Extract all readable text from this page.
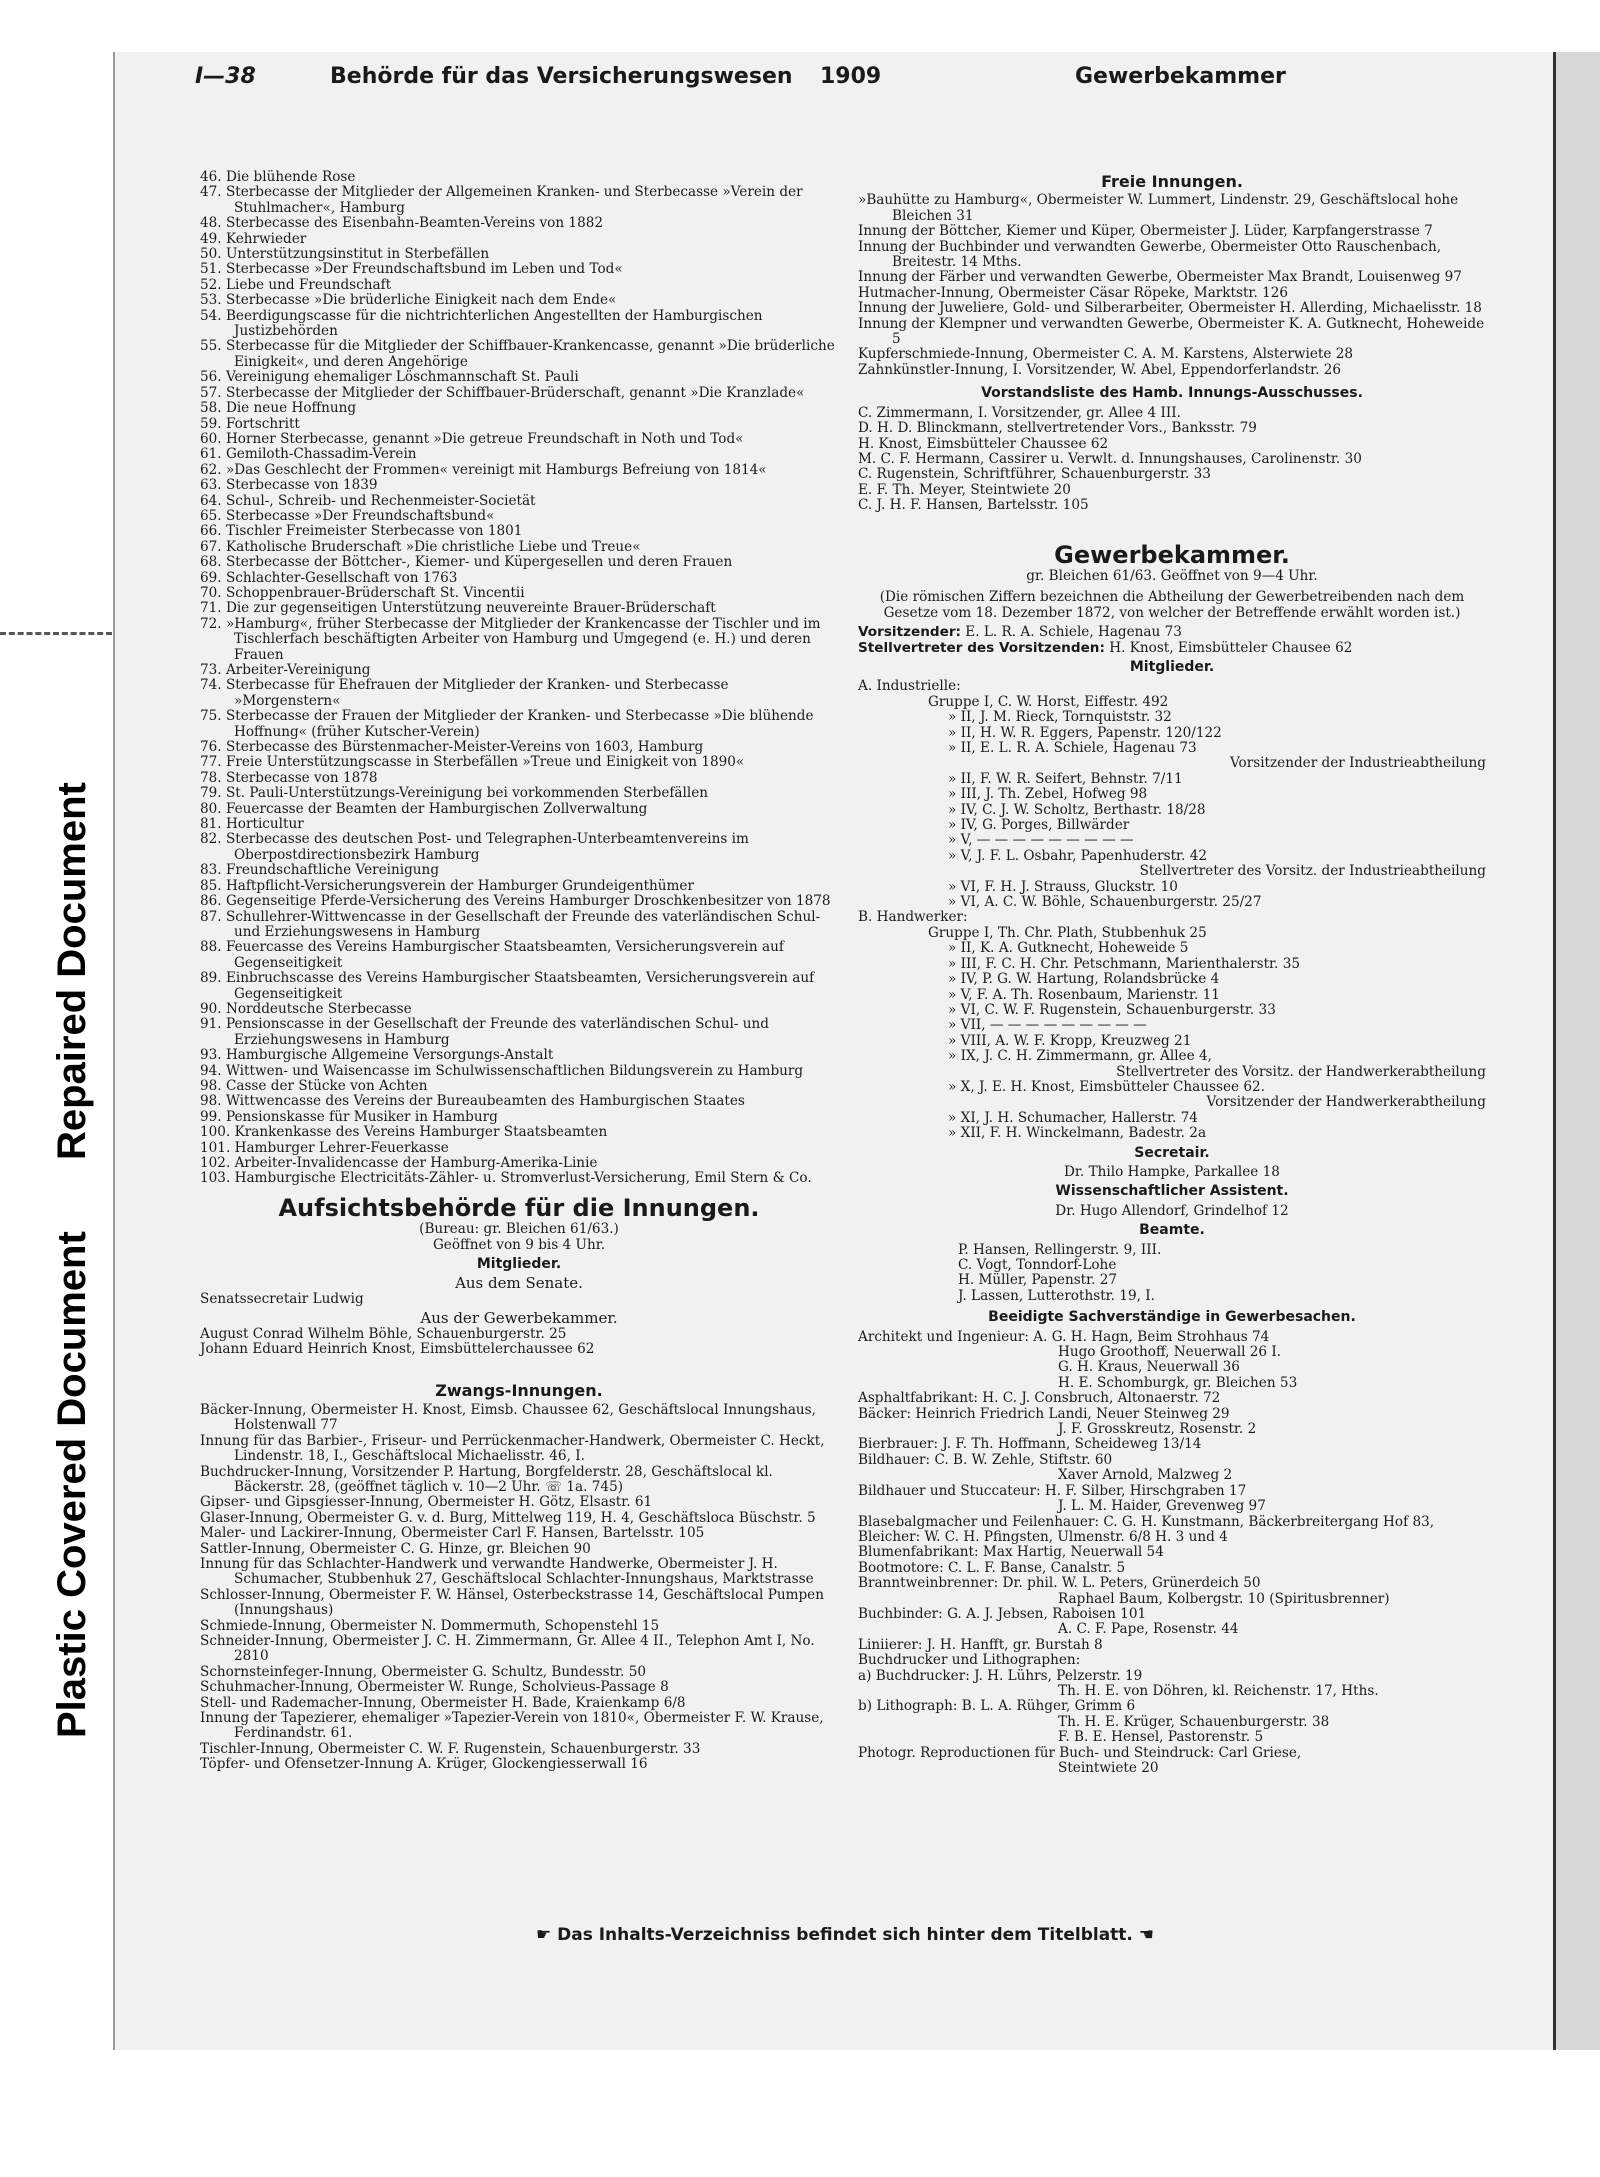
Repaired Document
Plastic Covered Document
I—38	Behörde für das Versicherungswesen 1909	Gewerbekammer

46. Die blühende Rose

47. Sterbecasse der Mitglieder der Allgemeinen Kranken- und Sterbecasse »Verein der Stuhlmacher«, Hamburg

48. Sterbecasse des Eisenbahn-Beamten-Vereins von 1882

49. Kehrwieder

50. Unterstützungsinstitut in Sterbefällen

51. Sterbecasse »Der Freundschaftsbund im Leben und Tod«

52. Liebe und Freundschaft

53. Sterbecasse »Die brüderliche Einigkeit nach dem Ende«

54. Beerdigungscasse für die nichtrichterlichen Angestellten der Hamburgischen Justizbehörden

55. Sterbecasse für die Mitglieder der Schiffbauer-Krankencasse, genannt »Die brüderliche Einigkeit«, und deren Angehörige

56. Vereinigung ehemaliger Löschmannschaft St. Pauli

57. Sterbecasse der Mitglieder der Schiffbauer-Brüderschaft, genannt »Die Kranzlade«

58. Die neue Hoffnung

59. Fortschritt

60. Horner Sterbecasse, genannt »Die getreue Freundschaft in Noth und Tod«

61. Gemiloth-Chassadim-Verein

62. »Das Geschlecht der Frommen« vereinigt mit Hamburgs Befreiung von 1814«

63. Sterbecasse von 1839

64. Schul-, Schreib- und Rechenmeister-Societät

65. Sterbecasse »Der Freundschaftsbund«

66. Tischler Freimeister Sterbecasse von 1801

67. Katholische Bruderschaft »Die christliche Liebe und Treue«

68. Sterbecasse der Böttcher-, Kiemer- und Küpergesellen und deren Frauen

69. Schlachter-Gesellschaft von 1763

70. Schoppenbrauer-Brüderschaft St. Vincentii

71. Die zur gegenseitigen Unterstützung neuvereinte Brauer-Brüderschaft

72. »Hamburg«, früher Sterbecasse der Mitglieder der Krankencasse der Tischler und im Tischlerfach beschäftigten Arbeiter von Hamburg und Umgegend (e. H.) und deren Frauen

73. Arbeiter-Vereinigung

74. Sterbecasse für Ehefrauen der Mitglieder der Kranken- und Sterbecasse »Morgenstern«

75. Sterbecasse der Frauen der Mitglieder der Kranken- und Sterbecasse »Die blühende Hoffnung« (früher Kutscher-Verein)

76. Sterbecasse des Bürstenmacher-Meister-Vereins von 1603, Hamburg

77. Freie Unterstützungscasse in Sterbefällen »Treue und Einigkeit von 1890«

78. Sterbecasse von 1878

79. St. Pauli-Unterstützungs-Vereinigung bei vorkommenden Sterbefällen

80. Feuercasse der Beamten der Hamburgischen Zollverwaltung

81. Horticultur

82. Sterbecasse des deutschen Post- und Telegraphen-Unterbeamtenvereins im Oberpostdirectionsbezirk Hamburg

83. Freundschaftliche Vereinigung

85. Haftpflicht-Versicherungsverein der Hamburger Grundeigenthümer

86. Gegenseitige Pferde-Versicherung des Vereins Hamburger Droschkenbesitzer von 1878

87. Schullehrer-Wittwencasse in der Gesellschaft der Freunde des vaterländischen Schul- und Erziehungswesens in Hamburg

88. Feuercasse des Vereins Hamburgischer Staatsbeamten, Versicherungsverein auf Gegenseitigkeit

89. Einbruchscasse des Vereins Hamburgischer Staatsbeamten, Versicherungsverein auf Gegenseitigkeit

90. Norddeutsche Sterbecasse

91. Pensionscasse in der Gesellschaft der Freunde des vaterländischen Schul- und Erziehungswesens in Hamburg

93. Hamburgische Allgemeine Versorgungs-Anstalt

94. Wittwen- und Waisencasse im Schulwissenschaftlichen Bildungsverein zu Hamburg

98. Casse der Stücke von Achten

98. Wittwencasse des Vereins der Bureaubeamten des Hamburgischen Staates

99. Pensionskasse für Musiker in Hamburg

100. Krankenkasse des Vereins Hamburger Staatsbeamten

101. Hamburger Lehrer-Feuerkasse

102. Arbeiter-Invalidencasse der Hamburg-Amerika-Linie

103. Hamburgische Electricitäts-Zähler- u. Stromverlust-Versicherung, Emil Stern & Co.

Aufsichtsbehörde für die Innungen.

(Bureau: gr. Bleichen 61/63.)

Geöffnet von 9 bis 4 Uhr.

Mitglieder.

Aus dem Senate.

Senatssecretair Ludwig

Aus der Gewerbekammer.

August Conrad Wilhelm Böhle, Schauenburgerstr. 25

Johann Eduard Heinrich Knost, Eimsbüttelerchaussee 62

Zwangs-Innungen.

Bäcker-Innung, Obermeister H. Knost, Eimsb. Chaussee 62, Geschäftslocal Innungshaus, Holstenwall 77

Innung für das Barbier-, Friseur- und Perrückenmacher-Handwerk, Obermeister C. Heckt, Lindenstr. 18, I., Geschäftslocal Michaelisstr. 46, I.

Buchdrucker-Innung, Vorsitzender P. Hartung, Borgfelderstr. 28, Geschäftslocal kl. Bäckerstr. 28, (geöffnet täglich v. 10—2 Uhr. ☏ 1a. 745)

Gipser- und Gipsgiesser-Innung, Obermeister H. Götz, Elsastr. 61

Glaser-Innung, Obermeister G. v. d. Burg, Mittelweg 119, H. 4, Geschäftsloca Büschstr. 5

Maler- und Lackirer-Innung, Obermeister Carl F. Hansen, Bartelsstr. 105

Sattler-Innung, Obermeister C. G. Hinze, gr. Bleichen 90

Innung für das Schlachter-Handwerk und verwandte Handwerke, Obermeister J. H. Schumacher, Stubbenhuk 27, Geschäftslocal Schlachter-Innungshaus, Marktstrasse

Schlosser-Innung, Obermeister F. W. Hänsel, Osterbeckstrasse 14, Geschäftslocal Pumpen (Innungshaus)

Schmiede-Innung, Obermeister N. Dommermuth, Schopenstehl 15

Schneider-Innung, Obermeister J. C. H. Zimmermann, Gr. Allee 4 II., Telephon Amt I, No. 2810

Schornsteinfeger-Innung, Obermeister G. Schultz, Bundesstr. 50

Schuhmacher-Innung, Obermeister W. Runge, Scholvieus-Passage 8

Stell- und Rademacher-Innung, Obermeister H. Bade, Kraienkamp 6/8

Innung der Tapezierer, ehemaliger »Tapezier-Verein von 1810«, Obermeister F. W. Krause, Ferdinandstr. 61.

Tischler-Innung, Obermeister C. W. F. Rugenstein, Schauenburgerstr. 33

Töpfer- und Ofensetzer-Innung A. Krüger, Glockengiesserwall 16

Freie Innungen.

»Bauhütte zu Hamburg«, Obermeister W. Lummert, Lindenstr. 29, Geschäftslocal hohe Bleichen 31

Innung der Böttcher, Kiemer und Küper, Obermeister J. Lüder, Karpfangerstrasse 7

Innung der Buchbinder und verwandten Gewerbe, Obermeister Otto Rauschenbach, Breitestr. 14 Mths.

Innung der Färber und verwandten Gewerbe, Obermeister Max Brandt, Louisenweg 97

Hutmacher-Innung, Obermeister Cäsar Röpeke, Marktstr. 126

Innung der Juweliere, Gold- und Silberarbeiter, Obermeister H. Allerding, Michaelisstr. 18

Innung der Klempner und verwandten Gewerbe, Obermeister K. A. Gutknecht, Hoheweide 5

Kupferschmiede-Innung, Obermeister C. A. M. Karstens, Alsterwiete 28

Zahnkünstler-Innung, I. Vorsitzender, W. Abel, Eppendorferlandstr. 26

Vorstandsliste des Hamb. Innungs-Ausschusses.

C. Zimmermann, I. Vorsitzender, gr. Allee 4 III.

D. H. D. Blinckmann, stellvertretender Vors., Banksstr. 79

H. Knost, Eimsbütteler Chaussee 62

M. C. F. Hermann, Cassirer u. Verwlt. d. Innungshauses, Carolinenstr. 30

C. Rugenstein, Schriftführer, Schauenburgerstr. 33

E. F. Th. Meyer, Steintwiete 20

C. J. H. F. Hansen, Bartelsstr. 105

Gewerbekammer.

gr. Bleichen 61/63. Geöffnet von 9—4 Uhr.

(Die römischen Ziffern bezeichnen die Abtheilung der Gewerbetreibenden nach dem Gesetze vom 18. Dezember 1872, von welcher der Betreffende erwählt worden ist.)

Vorsitzender: E. L. R. A. Schiele, Hagenau 73

Stellvertreter des Vorsitzenden: H. Knost, Eimsbütteler Chausee 62

Mitglieder.

A. Industrielle:

Gruppe I, C. W. Horst, Eiffestr. 492

» II, J. M. Rieck, Tornquiststr. 32

» II, H. W. R. Eggers, Papenstr. 120/122

» II, E. L. R. A. Schiele, Hagenau 73

Vorsitzender der Industrieabtheilung

» II, F. W. R. Seifert, Behnstr. 7/11

» III, J. Th. Zebel, Hofweg 98

» IV, C. J. W. Scholtz, Berthastr. 18/28

» IV, G. Porges, Billwärder

» V, — — — — — — — — —

» V, J. F. L. Osbahr, Papenhuderstr. 42

Stellvertreter des Vorsitz. der Industrieabtheilung

» VI, F. H. J. Strauss, Gluckstr. 10

» VI, A. C. W. Böhle, Schauenburgerstr. 25/27

B. Handwerker:

Gruppe I, Th. Chr. Plath, Stubbenhuk 25

» II, K. A. Gutknecht, Hoheweide 5

» III, F. C. H. Chr. Petschmann, Marienthalerstr. 35

» IV, P. G. W. Hartung, Rolandsbrücke 4

» V, F. A. Th. Rosenbaum, Marienstr. 11

» VI, C. W. F. Rugenstein, Schauenburgerstr. 33

» VII, — — — — — — — — —

» VIII, A. W. F. Kropp, Kreuzweg 21

» IX, J. C. H. Zimmermann, gr. Allee 4,

Stellvertreter des Vorsitz. der Handwerkerabtheilung

» X, J. E. H. Knost, Eimsbütteler Chaussee 62.

Vorsitzender der Handwerkerabtheilung

» XI, J. H. Schumacher, Hallerstr. 74

» XII, F. H. Winckelmann, Badestr. 2a

Secretair.

Dr. Thilo Hampke, Parkallee 18

Wissenschaftlicher Assistent.

Dr. Hugo Allendorf, Grindelhof 12

Beamte.

P. Hansen, Rellingerstr. 9, III.

C. Vogt, Tonndorf-Lohe

H. Müller, Papenstr. 27

J. Lassen, Lutterothstr. 19, I.

Beeidigte Sachverständige in Gewerbesachen.

Architekt und Ingenieur: A. G. H. Hagn, Beim Strohhaus 74

Hugo Groothoff, Neuerwall 26 I.

G. H. Kraus, Neuerwall 36

H. E. Schomburgk, gr. Bleichen 53

Asphaltfabrikant: H. C. J. Consbruch, Altonaerstr. 72

Bäcker: Heinrich Friedrich Landi, Neuer Steinweg 29

J. F. Grosskreutz, Rosenstr. 2

Bierbrauer: J. F. Th. Hoffmann, Scheideweg 13/14

Bildhauer: C. B. W. Zehle, Stiftstr. 60

Xaver Arnold, Malzweg 2

Bildhauer und Stuccateur: H. F. Silber, Hirschgraben 17

J. L. M. Haider, Grevenweg 97

Blasebalgmacher und Feilenhauer: C. G. H. Kunstmann, Bäckerbreitergang Hof 83,

Bleicher: W. C. H. Pfingsten, Ulmenstr. 6/8 H. 3 und 4

Blumenfabrikant: Max Hartig, Neuerwall 54

Bootmotore: C. L. F. Banse, Canalstr. 5

Branntweinbrenner: Dr. phil. W. L. Peters, Grünerdeich 50

Raphael Baum, Kolbergstr. 10 (Spiritusbrenner)

Buchbinder: G. A. J. Jebsen, Raboisen 101

A. C. F. Pape, Rosenstr. 44

Liniierer: J. H. Hanfft, gr. Burstah 8

Buchdrucker und Lithographen:

a) Buchdrucker: J. H. Lührs, Pelzerstr. 19

Th. H. E. von Döhren, kl. Reichenstr. 17, Hths.

b) Lithograph: B. L. A. Rühger, Grimm 6

Th. H. E. Krüger, Schauenburgerstr. 38

F. B. E. Hensel, Pastorenstr. 5

Photogr. Reproductionen für Buch- und Steindruck: Carl Griese,

Steintwiete 20

☛ Das Inhalts-Verzeichniss befindet sich hinter dem Titelblatt. ☚
